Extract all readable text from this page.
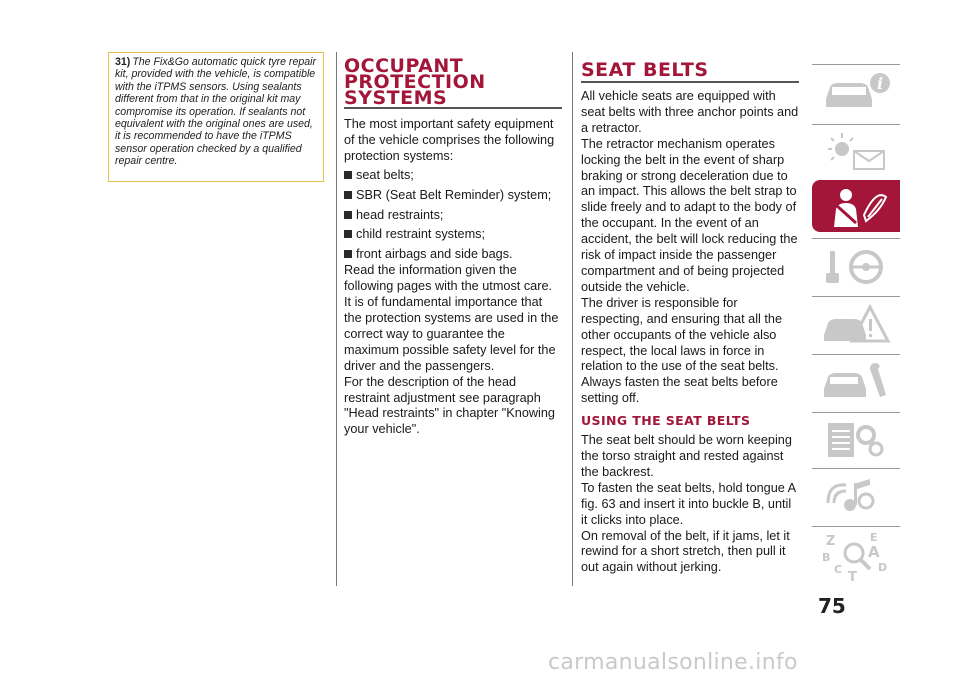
31) The Fix&Go automatic quick tyre repair kit, provided with the vehicle, is compatible with the iTPMS sensors. Using sealants different from that in the original kit may compromise its operation. If sealants not equivalent with the original ones are used, it is recommended to have the iTPMS sensor operation checked by a qualified repair centre.
OCCUPANT
PROTECTION
SYSTEMS

The most important safety equipment of the vehicle comprises the following protection systems:

seat belts;

SBR (Seat Belt Reminder) system;

head restraints;

child restraint systems;

front airbags and side bags.

Read the information given the following pages with the utmost care. It is of fundamental importance that the protection systems are used in the correct way to guarantee the maximum possible safety level for the driver and the passengers.

For the description of the head restraint adjustment see paragraph "Head restraints" in chapter "Knowing your vehicle".

SEAT BELTS

All vehicle seats are equipped with seat belts with three anchor points and a retractor.

The retractor mechanism operates locking the belt in the event of sharp braking or strong deceleration due to an impact. This allows the belt strap to slide freely and to adapt to the body of the occupant. In the event of an accident, the belt will lock reducing the risk of impact inside the passenger compartment and of being projected outside the vehicle.

The driver is responsible for respecting, and ensuring that all the other occupants of the vehicle also respect, the local laws in force in relation to the use of the seat belts.

Always fasten the seat belts before setting off.

USING THE SEAT BELTS

The seat belt should be worn keeping the torso straight and rested against the backrest.

To fasten the seat belts, hold tongue A fig. 63 and insert it into buckle B, until it clicks into place.

On removal of the belt, if it jams, let it rewind for a short stretch, then pull it out again without jerking.

i
Z	E
B	A
C	D
T
75
carmanualsonline.info
